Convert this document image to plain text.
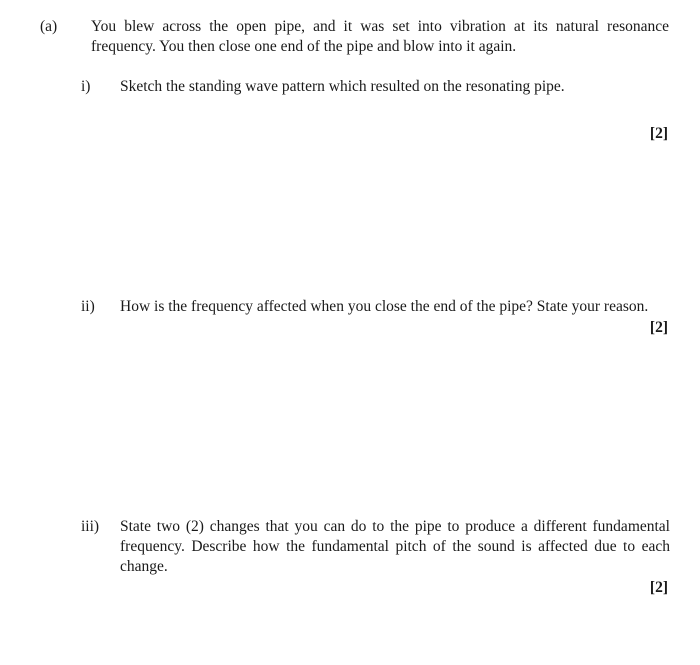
(a) You blew across the open pipe, and it was set into vibration at its natural resonance frequency. You then close one end of the pipe and blow into it again.
i) Sketch the standing wave pattern which resulted on the resonating pipe.
[2]
ii) How is the frequency affected when you close the end of the pipe? State your reason.
[2]
iii) State two (2) changes that you can do to the pipe to produce a different fundamental frequency. Describe how the fundamental pitch of the sound is affected due to each change.
[2]
